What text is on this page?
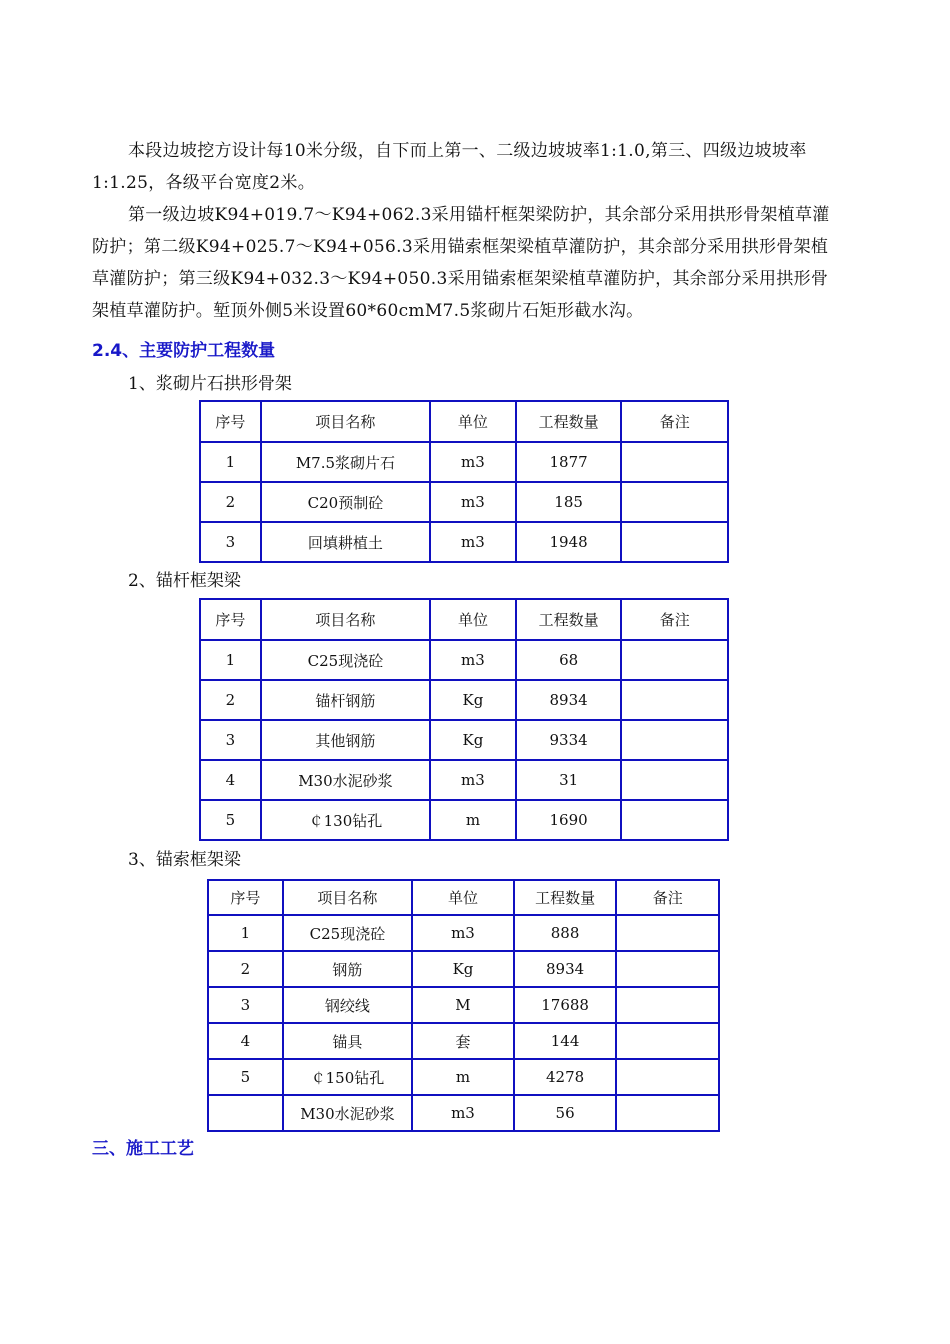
本段边坡挖方设计每10米分级，自下而上第一、二级边坡坡率1:1.0,第三、四级边坡坡率1:1.25，各级平台宽度2米。

第一级边坡K94+019.7～K94+062.3采用锚杆框架梁防护，其余部分采用拱形骨架植草灌防护；第二级K94+025.7～K94+056.3采用锚索框架梁植草灌防护，其余部分采用拱形骨架植草灌防护；第三级K94+032.3～K94+050.3采用锚索框架梁植草灌防护，其余部分采用拱形骨架植草灌防护。堑顶外侧5米设置60*60cmM7.5浆砌片石矩形截水沟。

2.4、主要防护工程数量

1、浆砌片石拱形骨架

序号	项目名称	单位	工程数量	备注
1	M7.5浆砌片石	m3	1877	
2	C20预制砼	m3	185	
3	回填耕植土	m3	1948	

2、锚杆框架梁

序号	项目名称	单位	工程数量	备注
1	C25现浇砼	m3	68	
2	锚杆钢筋	Kg	8934	
3	其他钢筋	Kg	9334	
4	M30水泥砂浆	m3	31	
5	￠130钻孔	m	1690	

3、锚索框架梁

序号	项目名称	单位	工程数量	备注
1	C25现浇砼	m3	888	
2	钢筋	Kg	8934	
3	钢绞线	M	17688	
4	锚具	套	144	
5	￠150钻孔	m	4278	
	M30水泥砂浆	m3	56	

三、施工工艺
